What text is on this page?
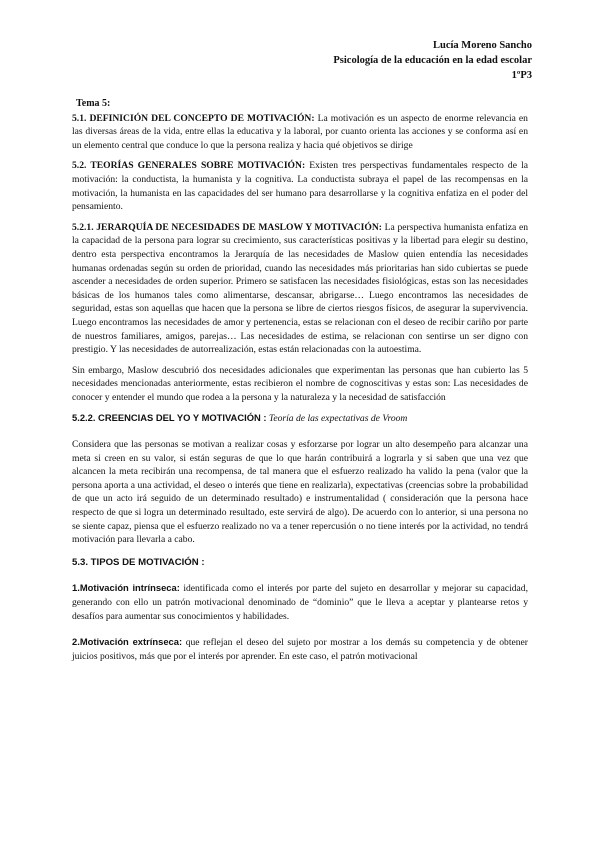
Lucía Moreno Sancho
Psicología de la educación en la edad escolar
1ºP3
Tema 5:

5.1. DEFINICIÓN DEL CONCEPTO DE MOTIVACIÓN: La motivación es un aspecto de enorme relevancia en las diversas áreas de la vida, entre ellas la educativa y la laboral, por cuanto orienta las acciones y se conforma así en un elemento central que conduce lo que la persona realiza y hacia qué objetivos se dirige

5.2. TEORÍAS GENERALES SOBRE MOTIVACIÓN: Existen tres perspectivas fundamentales respecto de la motivación: la conductista, la humanista y la cognitiva. La conductista subraya el papel de las recompensas en la motivación, la humanista en las capacidades del ser humano para desarrollarse y la cognitiva enfatiza en el poder del pensamiento.

5.2.1. JERARQUÍA DE NECESIDADES DE MASLOW Y MOTIVACIÓN: La perspectiva humanista enfatiza en la capacidad de la persona para lograr su crecimiento, sus características positivas y la libertad para elegir su destino, dentro esta perspectiva encontramos la Jerarquía de las necesidades de Maslow quien entendía las necesidades humanas ordenadas según su orden de prioridad, cuando las necesidades más prioritarias han sido cubiertas se puede ascender a necesidades de orden superior. Primero se satisfacen las necesidades fisiológicas, estas son las necesidades básicas de los humanos tales como alimentarse, descansar, abrigarse… Luego encontramos las necesidades de seguridad, estas son aquellas que hacen que la persona se libre de ciertos riesgos físicos, de asegurar la supervivencia. Luego encontramos las necesidades de amor y pertenencia, estas se relacionan con el deseo de recibir cariño por parte de nuestros familiares, amigos, parejas… Las necesidades de estima, se relacionan con sentirse un ser digno con prestigio. Y las necesidades de autorrealización, estas están relacionadas con la autoestima.

Sin embargo, Maslow descubrió dos necesidades adicionales que experimentan las personas que han cubierto las 5 necesidades mencionadas anteriormente, estas recibieron el nombre de cognoscitivas y estas son: Las necesidades de conocer y entender el mundo que rodea a la persona y la naturaleza y la necesidad de satisfacción

5.2.2. CREENCIAS DEL YO Y MOTIVACIÓN : Teoría de las expectativas de Vroom

Considera que las personas se motivan a realizar cosas y esforzarse por lograr un alto desempeño para alcanzar una meta si creen en su valor, si están seguras de que lo que harán contribuirá a lograrla y si saben que una vez que alcancen la meta recibirán una recompensa, de tal manera que el esfuerzo realizado ha valido la pena (valor que la persona aporta a una actividad, el deseo o interés que tiene en realizarla), expectativas (creencias sobre la probabilidad de que un acto irá seguido de un determinado resultado) e instrumentalidad ( consideración que la persona hace respecto de que si logra un determinado resultado, este servirá de algo). De acuerdo con lo anterior, si una persona no se siente capaz, piensa que el esfuerzo realizado no va a tener repercusión o no tiene interés por la actividad, no tendrá motivación para llevarla a cabo.

5.3. TIPOS DE MOTIVACIÓN :

1.Motivación intrínseca: identificada como el interés por parte del sujeto en desarrollar y mejorar su capacidad, generando con ello un patrón motivacional denominado de “dominio” que le lleva a aceptar y plantearse retos y desafíos para aumentar sus conocimientos y habilidades.

2.Motivación extrínseca: que reflejan el deseo del sujeto por mostrar a los demás su competencia y de obtener juicios positivos, más que por el interés por aprender. En este caso, el patrón motivacional
